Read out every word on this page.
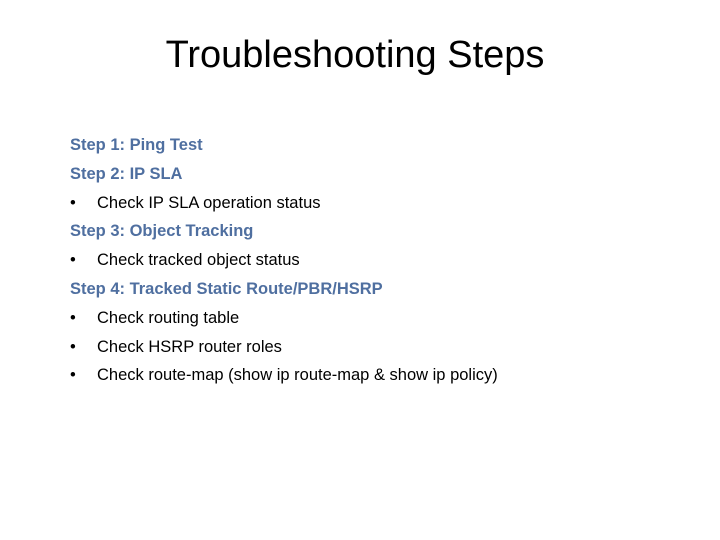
Troubleshooting Steps
Step 1: Ping Test
Step 2: IP SLA
• Check IP SLA operation status
Step 3: Object Tracking
• Check tracked object status
Step 4: Tracked Static Route/PBR/HSRP
• Check routing table
• Check HSRP router roles
• Check route-map (show ip route-map & show ip policy)
